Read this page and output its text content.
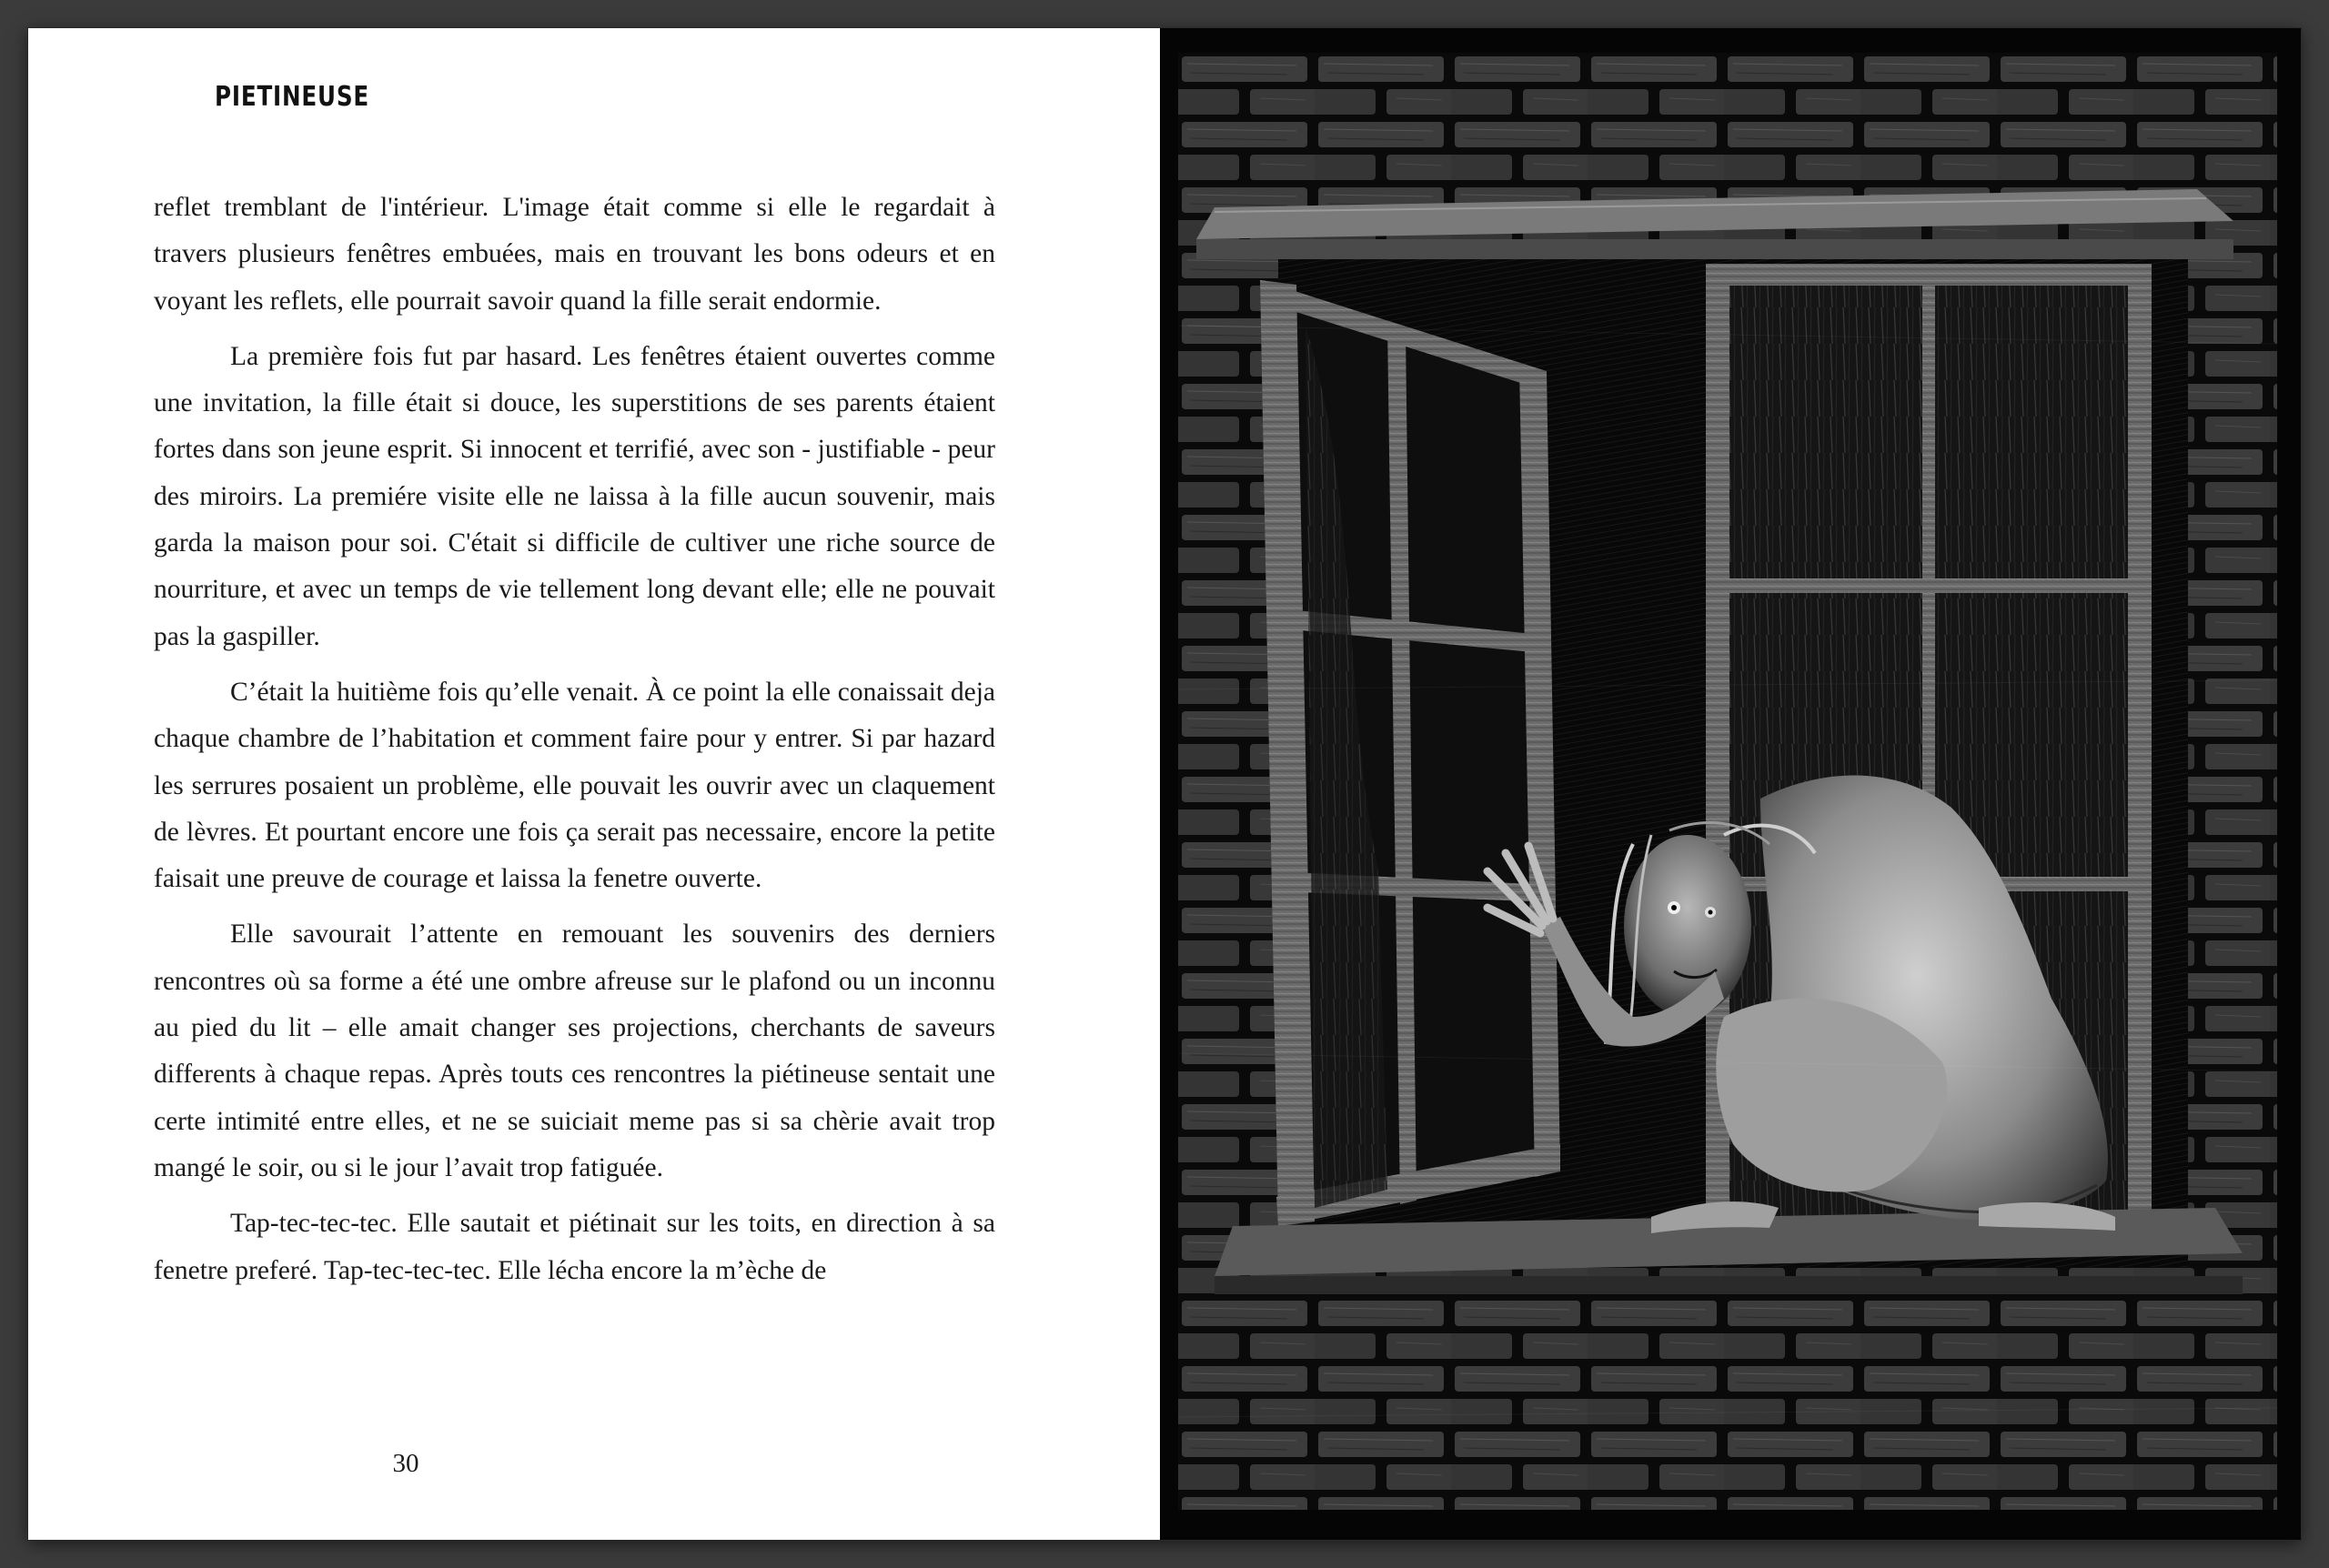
PIETINEUSE

reflet tremblant de l'intérieur. L'image était comme si elle le regardait à travers plusieurs fenêtres embuées, mais en trouvant les bons odeurs et en voyant les reflets, elle pourrait savoir quand la fille serait endormie.

La première fois fut par hasard. Les fenêtres étaient ouvertes comme une invitation, la fille était si douce, les superstitions de ses parents étaient fortes dans son jeune esprit. Si innocent et terrifié, avec son - justifiable - peur des miroirs. La premiére visite elle ne laissa à la fille aucun souvenir, mais garda la maison pour soi. C'était si difficile de cultiver une riche source de nourriture, et avec un temps de vie tellement long devant elle; elle ne pouvait pas la gaspiller.

C’était la huitième fois qu’elle venait. À ce point la elle conaissait deja chaque chambre de l’habitation et comment faire pour y entrer. Si par hazard les serrures posaient un problème, elle pouvait les ouvrir avec un claquement de lèvres. Et pourtant encore une fois ça serait pas necessaire, encore la petite faisait une preuve de courage et laissa la fenetre ouverte.

Elle savourait l’attente en remouant les souvenirs des derniers rencontres où sa forme a été une ombre afreuse sur le plafond ou un inconnu au pied du lit – elle amait changer ses projections, cherchants de saveurs differents à chaque repas. Après touts ces rencontres la piétineuse sentait une certe intimité entre elles, et ne se suiciait meme pas si sa chèrie avait trop mangé le soir, ou si le jour l’avait trop fatiguée.

Tap-tec-tec-tec. Elle sautait et piétinait sur les toits, en direction à sa fenetre preferé. Tap-tec-tec-tec. Elle lécha encore la m’èche de

30
